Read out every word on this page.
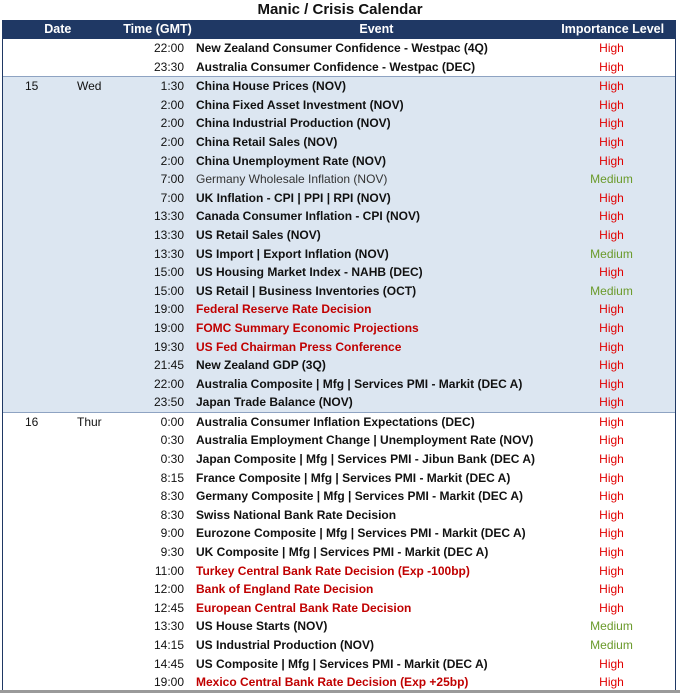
Manic / Crisis Calendar
Date	Time (GMT)	Event	Importance Level
22:00	New Zealand Consumer Confidence - Westpac (4Q)	High
23:30	Australia Consumer Confidence - Westpac (DEC)	High
15	Wed	1:30	China House Prices (NOV)	High
2:00	China Fixed Asset Investment (NOV)	High
2:00	China Industrial Production (NOV)	High
2:00	China Retail Sales (NOV)	High
2:00	China Unemployment Rate (NOV)	High
7:00	Germany Wholesale Inflation (NOV)	Medium
7:00	UK Inflation - CPI | PPI | RPI (NOV)	High
13:30	Canada Consumer Inflation - CPI (NOV)	High
13:30	US Retail Sales (NOV)	High
13:30	US Import | Export Inflation (NOV)	Medium
15:00	US Housing Market Index - NAHB (DEC)	High
15:00	US Retail | Business Inventories (OCT)	Medium
19:00	Federal Reserve Rate Decision	High
19:00	FOMC Summary Economic Projections	High
19:30	US Fed Chairman Press Conference	High
21:45	New Zealand GDP (3Q)	High
22:00	Australia Composite | Mfg | Services PMI - Markit (DEC A)	High
23:50	Japan Trade Balance (NOV)	High
16	Thur	0:00	Australia Consumer Inflation Expectations (DEC)	High
0:30	Australia Employment Change | Unemployment Rate (NOV)	High
0:30	Japan Composite | Mfg | Services PMI - Jibun Bank (DEC A)	High
8:15	France Composite | Mfg | Services PMI - Markit (DEC A)	High
8:30	Germany Composite | Mfg | Services PMI - Markit (DEC A)	High
8:30	Swiss National Bank Rate Decision	High
9:00	Eurozone Composite | Mfg | Services PMI - Markit (DEC A)	High
9:30	UK Composite | Mfg | Services PMI - Markit (DEC A)	High
11:00	Turkey Central Bank Rate Decision (Exp -100bp)	High
12:00	Bank of England Rate Decision	High
12:45	European Central Bank Rate Decision	High
13:30	US House Starts (NOV)	Medium
14:15	US Industrial Production (NOV)	Medium
14:45	US Composite | Mfg | Services PMI - Markit (DEC A)	High
19:00	Mexico Central Bank Rate Decision (Exp +25bp)	High
